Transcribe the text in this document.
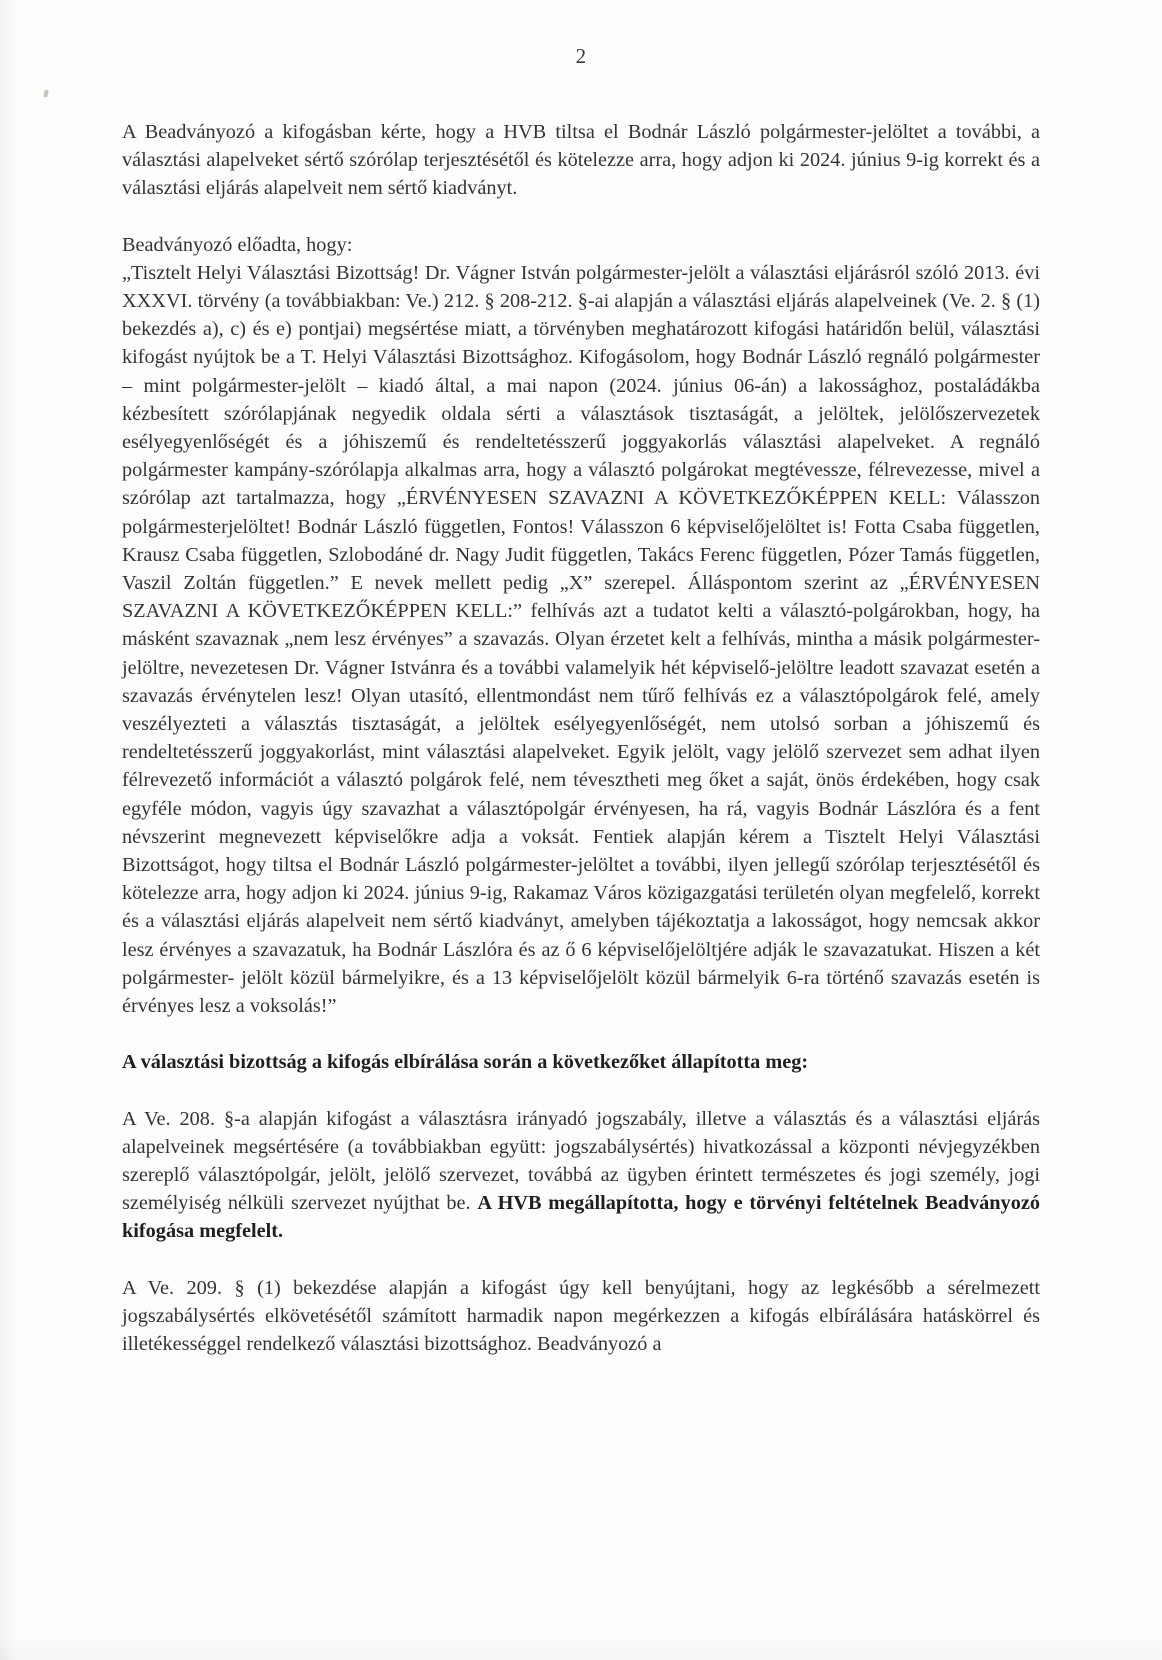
2

A Beadványozó a kifogásban kérte, hogy a HVB tiltsa el Bodnár László polgármester-jelöltet a további, a választási alapelveket sértő szórólap terjesztésétől és kötelezze arra, hogy adjon ki 2024. június 9-ig korrekt és a választási eljárás alapelveit nem sértő kiadványt.

Beadványozó előadta, hogy:

„Tisztelt Helyi Választási Bizottság! Dr. Vágner István polgármester-jelölt a választási eljárásról szóló 2013. évi XXXVI. törvény (a továbbiakban: Ve.) 212. § 208-212. §-ai alapján a választási eljárás alapelveinek (Ve. 2. § (1) bekezdés a), c) és e) pontjai) megsértése miatt, a törvényben meghatározott kifogási határidőn belül, választási kifogást nyújtok be a T. Helyi Választási Bizottsághoz. Kifogásolom, hogy Bodnár László regnáló polgármester – mint polgármester-jelölt – kiadó által, a mai napon (2024. június 06-án) a lakossághoz, postaládákba kézbesített szórólapjának negyedik oldala sérti a választások tisztaságát, a jelöltek, jelölőszervezetek esélyegyenlőségét és a jóhiszemű és rendeltetésszerű joggyakorlás választási alapelveket. A regnáló polgármester kampány-szórólapja alkalmas arra, hogy a választó polgárokat megtévessze, félrevezesse, mivel a szórólap azt tartalmazza, hogy „ÉRVÉNYESEN SZAVAZNI A KÖVETKEZŐKÉPPEN KELL: Válasszon polgármesterjelöltet! Bodnár László független, Fontos! Válasszon 6 képviselőjelöltet is! Fotta Csaba független, Krausz Csaba független, Szlobodáné dr. Nagy Judit független, Takács Ferenc független, Pózer Tamás független, Vaszil Zoltán független.” E nevek mellett pedig „X” szerepel. Álláspontom szerint az „ÉRVÉNYESEN SZAVAZNI A KÖVETKEZŐKÉPPEN KELL:” felhívás azt a tudatot kelti a választó-polgárokban, hogy, ha másként szavaznak „nem lesz érvényes” a szavazás. Olyan érzetet kelt a felhívás, mintha a másik polgármester-jelöltre, nevezetesen Dr. Vágner Istvánra és a további valamelyik hét képviselő-jelöltre leadott szavazat esetén a szavazás érvénytelen lesz! Olyan utasító, ellentmondást nem tűrő felhívás ez a választópolgárok felé, amely veszélyezteti a választás tisztaságát, a jelöltek esélyegyenlőségét, nem utolsó sorban a jóhiszemű és rendeltetésszerű joggyakorlást, mint választási alapelveket. Egyik jelölt, vagy jelölő szervezet sem adhat ilyen félrevezető információt a választó polgárok felé, nem tévesztheti meg őket a saját, önös érdekében, hogy csak egyféle módon, vagyis úgy szavazhat a választópolgár érvényesen, ha rá, vagyis Bodnár Lászlóra és a fent névszerint megnevezett képviselőkre adja a voksát. Fentiek alapján kérem a Tisztelt Helyi Választási Bizottságot, hogy tiltsa el Bodnár László polgármester-jelöltet a további, ilyen jellegű szórólap terjesztésétől és kötelezze arra, hogy adjon ki 2024. június 9-ig, Rakamaz Város közigazgatási területén olyan megfelelő, korrekt és a választási eljárás alapelveit nem sértő kiadványt, amelyben tájékoztatja a lakosságot, hogy nemcsak akkor lesz érvényes a szavazatuk, ha Bodnár Lászlóra és az ő 6 képviselőjelöltjére adják le szavazatukat. Hiszen a két polgármester- jelölt közül bármelyikre, és a 13 képviselőjelölt közül bármelyik 6-ra történő szavazás esetén is érvényes lesz a voksolás!”

A választási bizottság a kifogás elbírálása során a következőket állapította meg:

A Ve. 208. §-a alapján kifogást a választásra irányadó jogszabály, illetve a választás és a választási eljárás alapelveinek megsértésére (a továbbiakban együtt: jogszabálysértés) hivatkozással a központi névjegyzékben szereplő választópolgár, jelölt, jelölő szervezet, továbbá az ügyben érintett természetes és jogi személy, jogi személyiség nélküli szervezet nyújthat be. A HVB megállapította, hogy e törvényi feltételnek Beadványozó kifogása megfelelt.

A Ve. 209. § (1) bekezdése alapján a kifogást úgy kell benyújtani, hogy az legkésőbb a sérelmezett jogszabálysértés elkövetésétől számított harmadik napon megérkezzen a kifogás elbírálására hatáskörrel és illetékességgel rendelkező választási bizottsághoz. Beadványozó a
